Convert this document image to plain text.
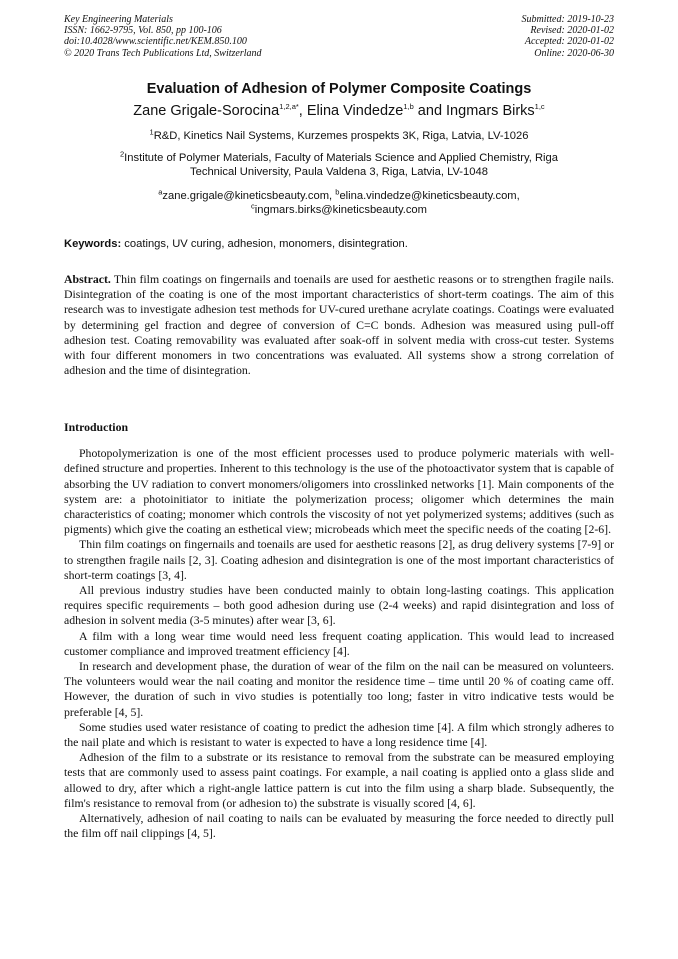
Key Engineering Materials
ISSN: 1662-9795, Vol. 850, pp 100-106
doi:10.4028/www.scientific.net/KEM.850.100
© 2020 Trans Tech Publications Ltd, Switzerland
Submitted: 2019-10-23
Revised: 2020-01-02
Accepted: 2020-01-02
Online: 2020-06-30
Evaluation of Adhesion of Polymer Composite Coatings
Zane Grigale-Sorocina$^{1,2,a*}$, Elina Vindedze$^{1,b}$ and Ingmars Birks$^{1,c}$
$^1$R&D, Kinetics Nail Systems, Kurzemes prospekts 3K, Riga, Latvia, LV-1026
$^2$Institute of Polymer Materials, Faculty of Materials Science and Applied Chemistry, Riga
Technical University, Paula Valdena 3, Riga, Latvia, LV-1048
$^a$zane.grigale@kineticsbeauty.com, $^b$elina.vindedze@kineticsbeauty.com,
$^c$ingmars.birks@kineticsbeauty.com
Keywords: coatings, UV curing, adhesion, monomers, disintegration.
Abstract. Thin film coatings on fingernails and toenails are used for aesthetic reasons or to strengthen fragile nails. Disintegration of the coating is one of the most important characteristics of short-term coatings. The aim of this research was to investigate adhesion test methods for UV-cured urethane acrylate coatings. Coatings were evaluated by determining gel fraction and degree of conversion of C=C bonds. Adhesion was measured using pull-off adhesion test. Coating removability was evaluated after soak-off in solvent media with cross-cut tester. Systems with four different monomers in two concentrations was evaluated. All systems show a strong correlation of adhesion and the time of disintegration.
Introduction

Photopolymerization is one of the most efficient processes used to produce polymeric materials with well-defined structure and properties. Inherent to this technology is the use of the photoactivator system that is capable of absorbing the UV radiation to convert monomers/oligomers into crosslinked networks [1]. Main components of the system are: a photoinitiator to initiate the polymerization process; oligomer which determines the main characteristics of coating; monomer which controls the viscosity of not yet polymerized systems; additives (such as pigments) which give the coating an esthetical view; microbeads which meet the specific needs of the coating [2-6].

Thin film coatings on fingernails and toenails are used for aesthetic reasons [2], as drug delivery systems [7-9] or to strengthen fragile nails [2, 3]. Coating adhesion and disintegration is one of the most important characteristics of short-term coatings [3, 4].

All previous industry studies have been conducted mainly to obtain long-lasting coatings. This application requires specific requirements – both good adhesion during use (2-4 weeks) and rapid disintegration and loss of adhesion in solvent media (3-5 minutes) after wear [3, 6].

A film with a long wear time would need less frequent coating application. This would lead to increased customer compliance and improved treatment efficiency [4].

In research and development phase, the duration of wear of the film on the nail can be measured on volunteers. The volunteers would wear the nail coating and monitor the residence time – time until 20 % of coating came off. However, the duration of such in vivo studies is potentially too long; faster in vitro indicative tests would be preferable [4, 5].

Some studies used water resistance of coating to predict the adhesion time [4]. A film which strongly adheres to the nail plate and which is resistant to water is expected to have a long residence time [4].

Adhesion of the film to a substrate or its resistance to removal from the substrate can be measured employing tests that are commonly used to assess paint coatings. For example, a nail coating is applied onto a glass slide and allowed to dry, after which a right-angle lattice pattern is cut into the film using a sharp blade. Subsequently, the film's resistance to removal from (or adhesion to) the substrate is visually scored [4, 6].

Alternatively, adhesion of nail coating to nails can be evaluated by measuring the force needed to directly pull the film off nail clippings [4, 5].
